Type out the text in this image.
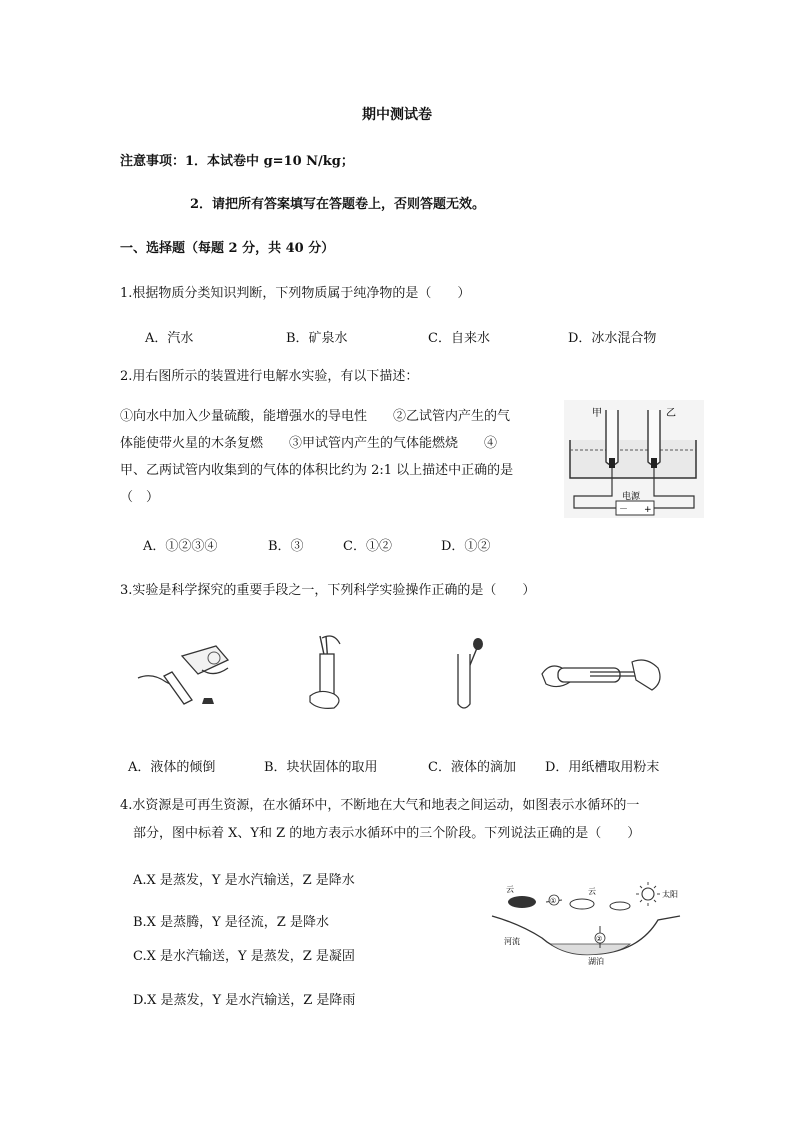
期中测试卷
注意事项：1．本试卷中 g=10 N/kg；
2．请把所有答案填写在答题卷上，否则答题无效。
一、选择题（每题 2 分，共 40 分）
1.根据物质分类知识判断，下列物质属于纯净物的是（　　）
A．汽水	B．矿泉水	C．自来水	D．冰水混合物
2.用右图所示的装置进行电解水实验，有以下描述：
①向水中加入少量硫酸，能增强水的导电性　　②乙试管内产生的气
体能使带火星的木条复燃　　③甲试管内产生的气体能燃烧　　④
甲、乙两试管内收集到的气体的体积比约为 2:1 以上描述中正确的是
（　）	电源
－ +
甲	乙
A．①②③④	B．③	C．①②	D．①②
3.实验是科学探究的重要手段之一，下列科学实验操作正确的是（　　）
A．液体的倾倒	B．块状固体的取用	C．液体的滴加 D．用纸槽取用粉末
4.水资源是可再生资源，在水循环中，不断地在大气和地表之间运动，如图表示水循环的一
部分，图中标着 X、Y和 Z 的地方表示水循环中的三个阶段。下列说法正确的是（　　）
A.X 是蒸发，Y 是水汽输送，Z 是降水
B.X 是蒸腾，Y 是径流，Z 是降水
C.X 是水汽输送，Y 是蒸发，Z 是凝固
D.X 是蒸发，Y 是水汽输送，Z 是降雨
云
①
云	太阳
②
河流
湖泊
